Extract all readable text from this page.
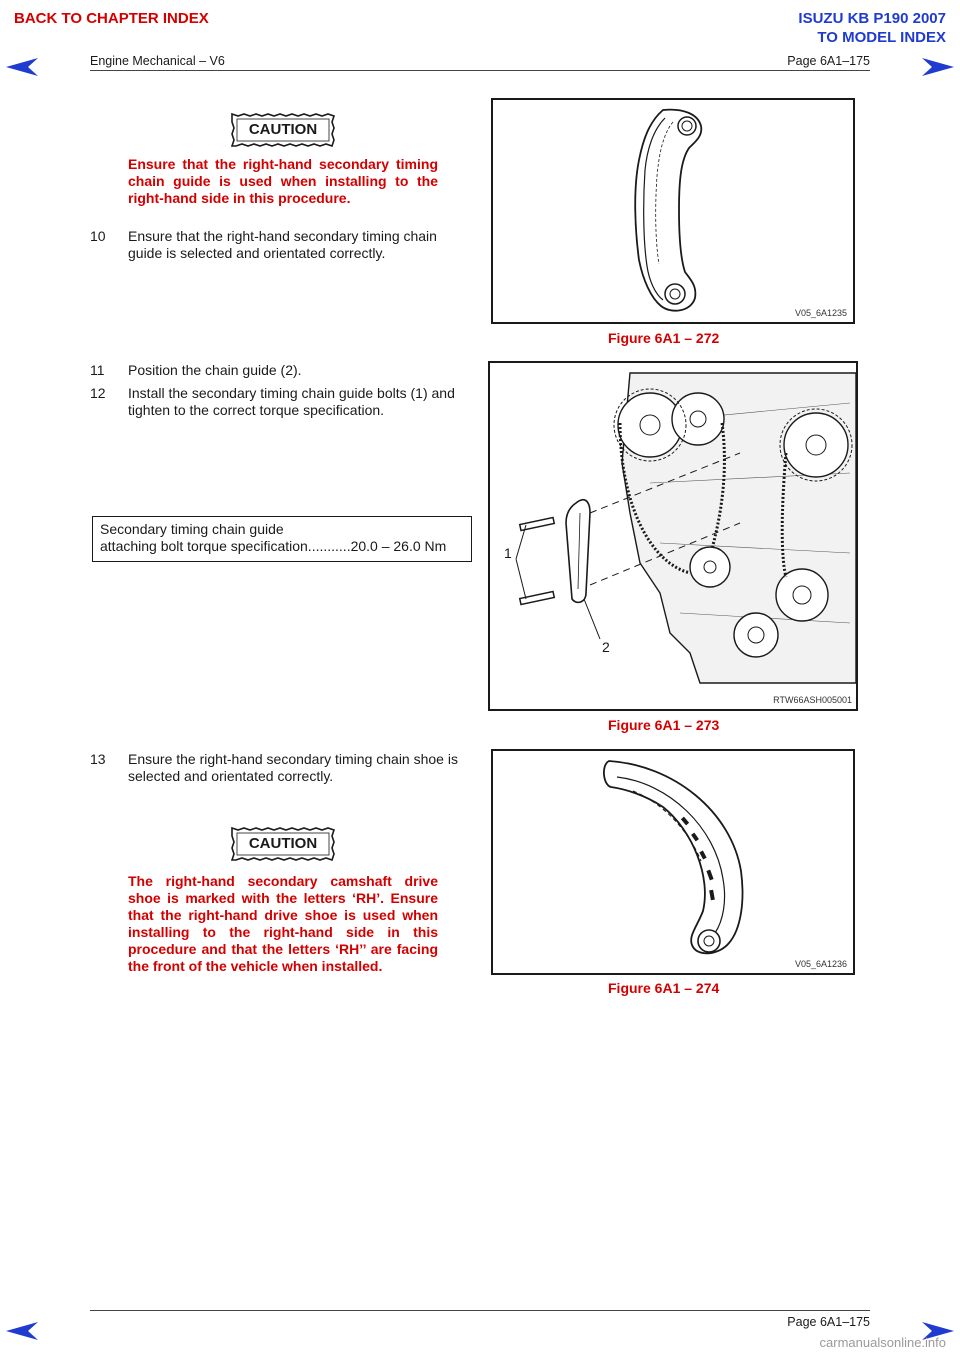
BACK TO CHAPTER INDEX	ISUZU KB P190 2007
TO MODEL INDEX
Engine Mechanical – V6	Page 6A1–175
CAUTION
Ensure that the right-hand secondary timing chain guide is used when installing to the right-hand side in this procedure.
10	Ensure that the right-hand secondary timing chain guide is selected and orientated correctly.
V05_6A1235
Figure 6A1 – 272
11	Position the chain guide (2).
12	Install the secondary timing chain guide bolts (1) and tighten to the correct torque specification.
Secondary timing chain guide
attaching bolt torque specification...........20.0 – 26.0 Nm	1
2
RTW66ASH005001
Figure 6A1 – 273
13	Ensure the right-hand secondary timing chain shoe is selected and orientated correctly.
CAUTION
The right-hand secondary camshaft drive shoe is marked with the letters ‘RH’. Ensure that the right-hand drive shoe is used when installing to the right-hand side in this procedure and that the letters ‘RH’’ are facing the front of the vehicle when installed.	V05_6A1236
Figure 6A1 – 274
Page 6A1–175
carmanualsonline.info
